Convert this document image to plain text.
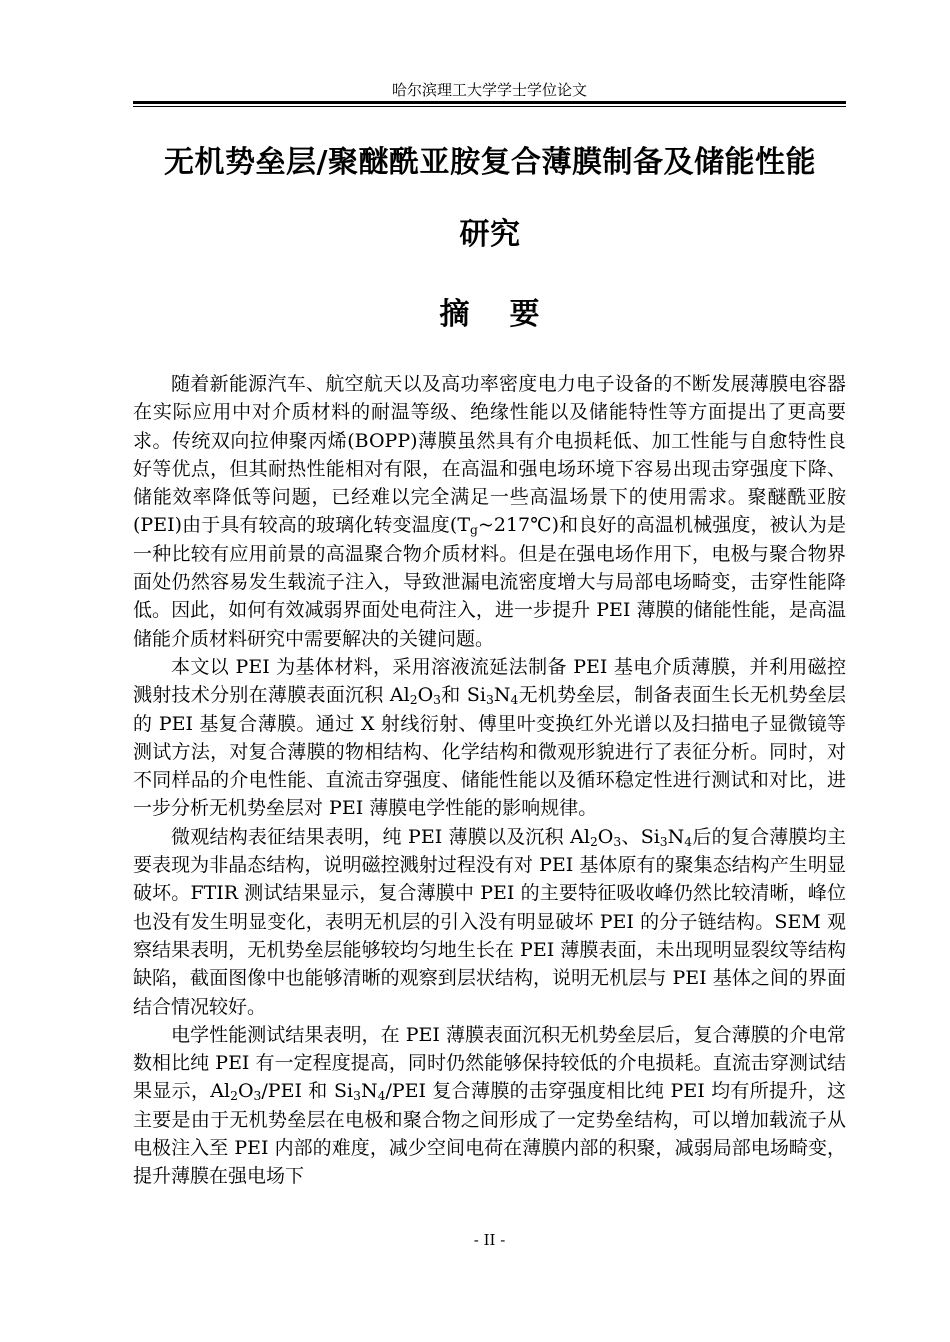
哈尔滨理工大学学士学位论文
无机势垒层/聚醚酰亚胺复合薄膜制备及储能性能
研究
摘 要

随着新能源汽车、航空航天以及高功率密度电力电子设备的不断发展薄膜电容器在实际应用中对介质材料的耐温等级、绝缘性能以及储能特性等方面提出了更高要求。传统双向拉伸聚丙烯(BOPP)薄膜虽然具有介电损耗低、加工性能与自愈特性良好等优点，但其耐热性能相对有限，在高温和强电场环境下容易出现击穿强度下降、储能效率降低等问题，已经难以完全满足一些高温场景下的使用需求。聚醚酰亚胺(PEI)由于具有较高的玻璃化转变温度$(T_g\sim 217℃)$和良好的高温机械强度，被认为是一种比较有应用前景的高温聚合物介质材料。但是在强电场作用下，电极与聚合物界面处仍然容易发生载流子注入，导致泄漏电流密度增大与局部电场畸变，击穿性能降低。因此，如何有效减弱界面处电荷注入，进一步提升 PEI 薄膜的储能性能，是高温储能介质材料研究中需要解决的关键问题。

本文以 PEI 为基体材料，采用溶液流延法制备 PEI 基电介质薄膜，并利用磁控溅射技术分别在薄膜表面沉积 $Al_2O_3$和 $Si_3N_4$无机势垒层，制备表面生长无机势垒层的 PEI 基复合薄膜。通过 X 射线衍射、傅里叶变换红外光谱以及扫描电子显微镜等测试方法，对复合薄膜的物相结构、化学结构和微观形貌进行了表征分析。同时，对不同样品的介电性能、直流击穿强度、储能性能以及循环稳定性进行测试和对比，进一步分析无机势垒层对 PEI 薄膜电学性能的影响规律。

微观结构表征结果表明，纯 PEI 薄膜以及沉积 $Al_2O_3$、$Si_3N_4$后的复合薄膜均主要表现为非晶态结构，说明磁控溅射过程没有对 PEI 基体原有的聚集态结构产生明显破坏。FTIR 测试结果显示，复合薄膜中 PEI 的主要特征吸收峰仍然比较清晰，峰位也没有发生明显变化，表明无机层的引入没有明显破坏 PEI 的分子链结构。SEM 观察结果表明，无机势垒层能够较均匀地生长在 PEI 薄膜表面，未出现明显裂纹等结构缺陷，截面图像中也能够清晰的观察到层状结构，说明无机层与 PEI 基体之间的界面结合情况较好。

电学性能测试结果表明，在 PEI 薄膜表面沉积无机势垒层后，复合薄膜的介电常数相比纯 PEI 有一定程度提高，同时仍然能够保持较低的介电损耗。直流击穿测试结果显示，$Al_2O_3$/PEI 和 $Si_3N_4$/PEI 复合薄膜的击穿强度相比纯 PEI 均有所提升，这主要是由于无机势垒层在电极和聚合物之间形成了一定势垒结构，可以增加载流子从电极注入至 PEI 内部的难度，减少空间电荷在薄膜内部的积聚，减弱局部电场畸变，提升薄膜在强电场下

- II -
